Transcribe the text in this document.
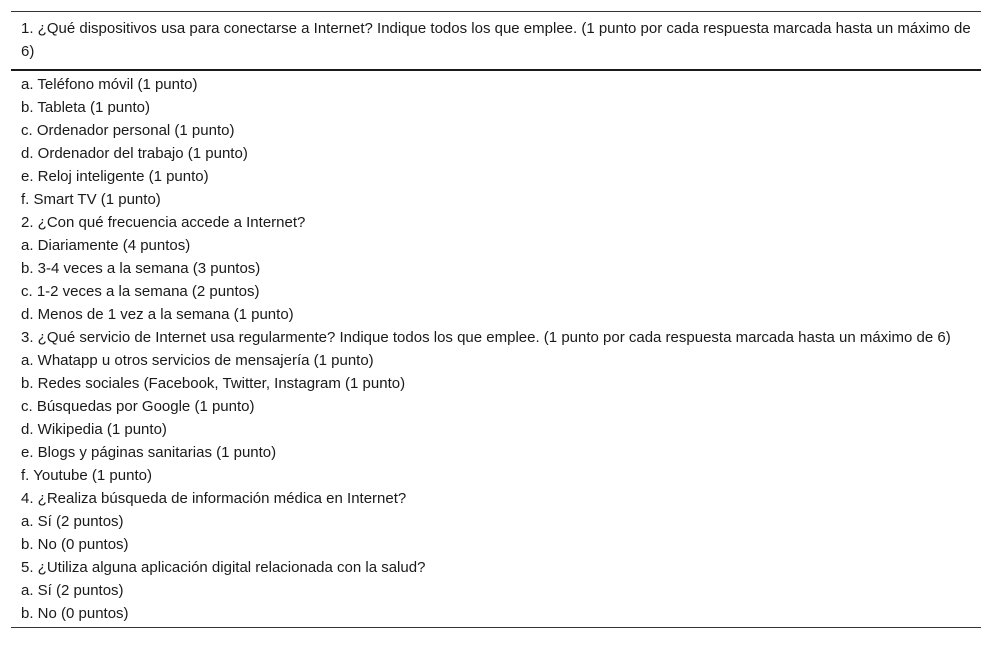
1. ¿Qué dispositivos usa para conectarse a Internet? Indique todos los que emplee. (1 punto por cada respuesta marcada hasta un máximo de 6)
a. Teléfono móvil (1 punto)
b. Tableta (1 punto)
c. Ordenador personal (1 punto)
d. Ordenador del trabajo (1 punto)
e. Reloj inteligente (1 punto)
f. Smart TV (1 punto)
2. ¿Con qué frecuencia accede a Internet?
a. Diariamente (4 puntos)
b. 3-4 veces a la semana (3 puntos)
c. 1-2 veces a la semana (2 puntos)
d. Menos de 1 vez a la semana (1 punto)
3. ¿Qué servicio de Internet usa regularmente? Indique todos los que emplee. (1 punto por cada respuesta marcada hasta un máximo de 6)
a. Whatapp u otros servicios de mensajería (1 punto)
b. Redes sociales (Facebook, Twitter, Instagram (1 punto)
c. Búsquedas por Google (1 punto)
d. Wikipedia (1 punto)
e. Blogs y páginas sanitarias (1 punto)
f. Youtube (1 punto)
4. ¿Realiza búsqueda de información médica en Internet?
a. Sí (2 puntos)
b. No (0 puntos)
5. ¿Utiliza alguna aplicación digital relacionada con la salud?
a. Sí (2 puntos)
b. No (0 puntos)
